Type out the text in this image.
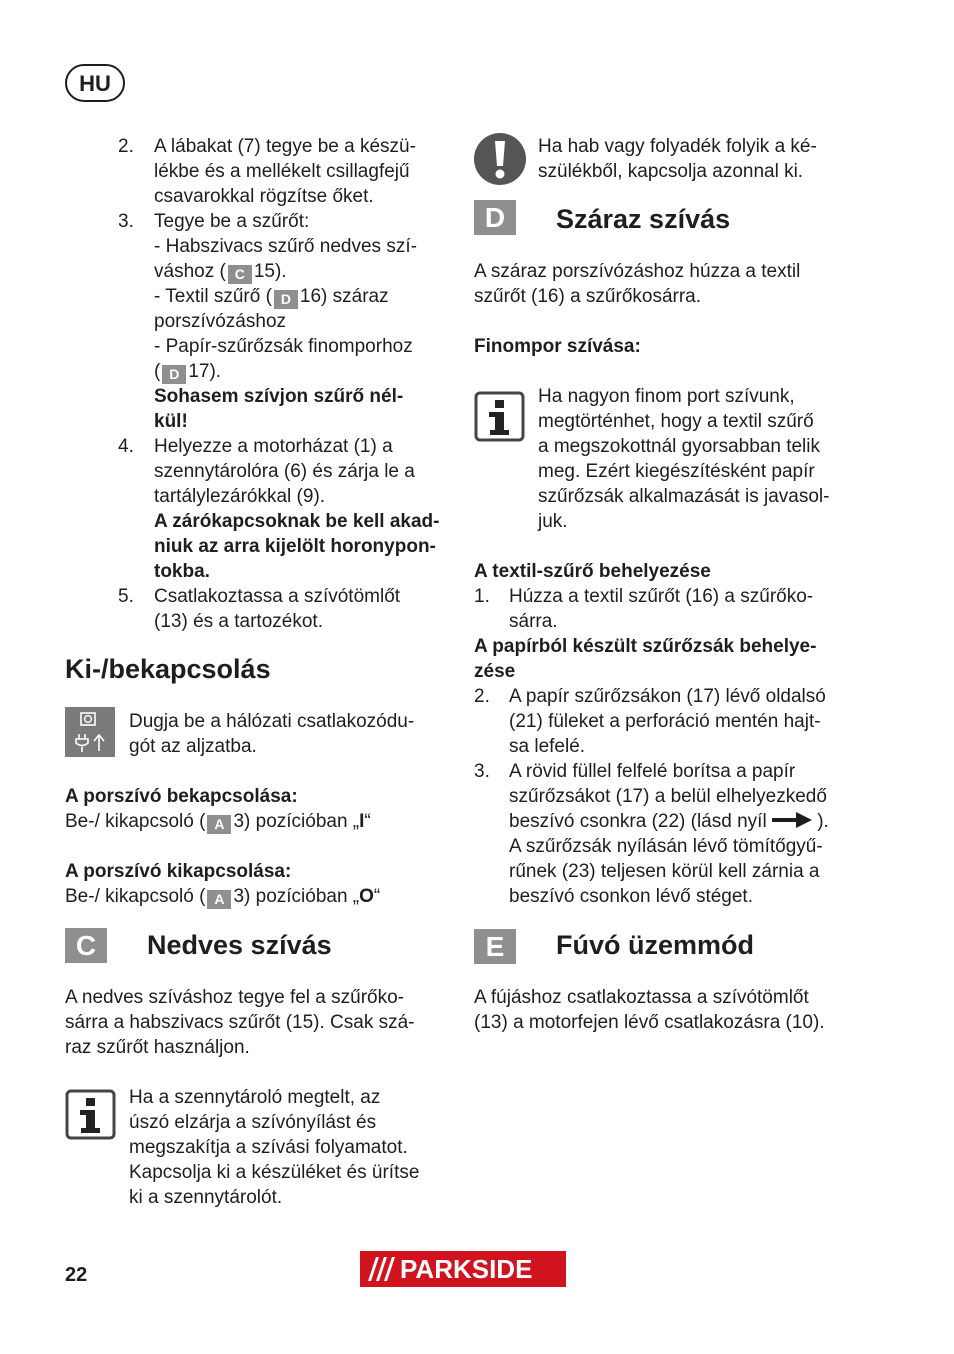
HU
2. A lábakat (7) tegye be a készü-
lékbe és a mellékelt csillagfejű
csavarokkal rögzítse őket.
3. Tegye be a szűrőt:
- Habszivacs szűrő nedves szí-
váshoz ( C 15).
- Textil szűrő ( D 16) száraz
porszívózáshoz
- Papír-szűrőzsák finomporhoz
( D 17).
Sohasem szívjon szűrő nél-
kül!
4. Helyezze a motorházat (1) a
szennytárolóra (6) és zárja le a
tartálylezárókkal (9).
A zárókapcsoknak be kell akad-
niuk az arra kijelölt horonypon-
tokba.
5. Csatlakoztassa a szívótömlőt
(13) és a tartozékot.
Ki-/bekapcsolás
Dugja be a hálózati csatlakozódu-
gót az aljzatba.
A porszívó bekapcsolása:
Be-/ kikapcsoló ( A 3) pozícióban „I“
A porszívó kikapcsolása:
Be-/ kikapcsoló ( A 3) pozícióban „O“
C	Nedves szívás
A nedves szíváshoz tegye fel a szűrőko-
sárra a habszivacs szűrőt (15). Csak szá-
raz szűrőt használjon.
Ha a szennytároló megtelt, az
úszó elzárja a szívónyílást és
megszakítja a szívási folyamatot.
Kapcsolja ki a készüléket és ürítse
ki a szennytárolót.
Ha hab vagy folyadék folyik a ké-
szülékből, kapcsolja azonnal ki.
D	Száraz szívás
A száraz porszívózáshoz húzza a textil
szűrőt (16) a szűrőkosárra.
Finompor szívása:
Ha nagyon finom port szívunk,
megtörténhet, hogy a textil szűrő
a megszokottnál gyorsabban telik
meg. Ezért kiegészítésként papír
szűrőzsák alkalmazását is javasol-
juk.
A textil-szűrő behelyezése
1. Húzza a textil szűrőt (16) a szűrőko-
sárra.
A papírból készült szűrőzsák behelye-
zése
2. A papír szűrőzsákon (17) lévő oldalsó
(21) füleket a perforáció mentén hajt-
sa lefelé.
3. A rövid füllel felfelé borítsa a papír
szűrőzsákot (17) a belül elhelyezkedő
beszívó csonkra (22) (lásd nyíl	).
A szűrőzsák nyílásán lévő tömítőgyű-
rűnek (23) teljesen körül kell zárnia a
beszívó csonkon lévő stéget.
E	Fúvó üzemmód
A fújáshoz csatlakoztassa a szívótömlőt
(13) a motorfejen lévő csatlakozásra (10).
22	PARKSIDE
